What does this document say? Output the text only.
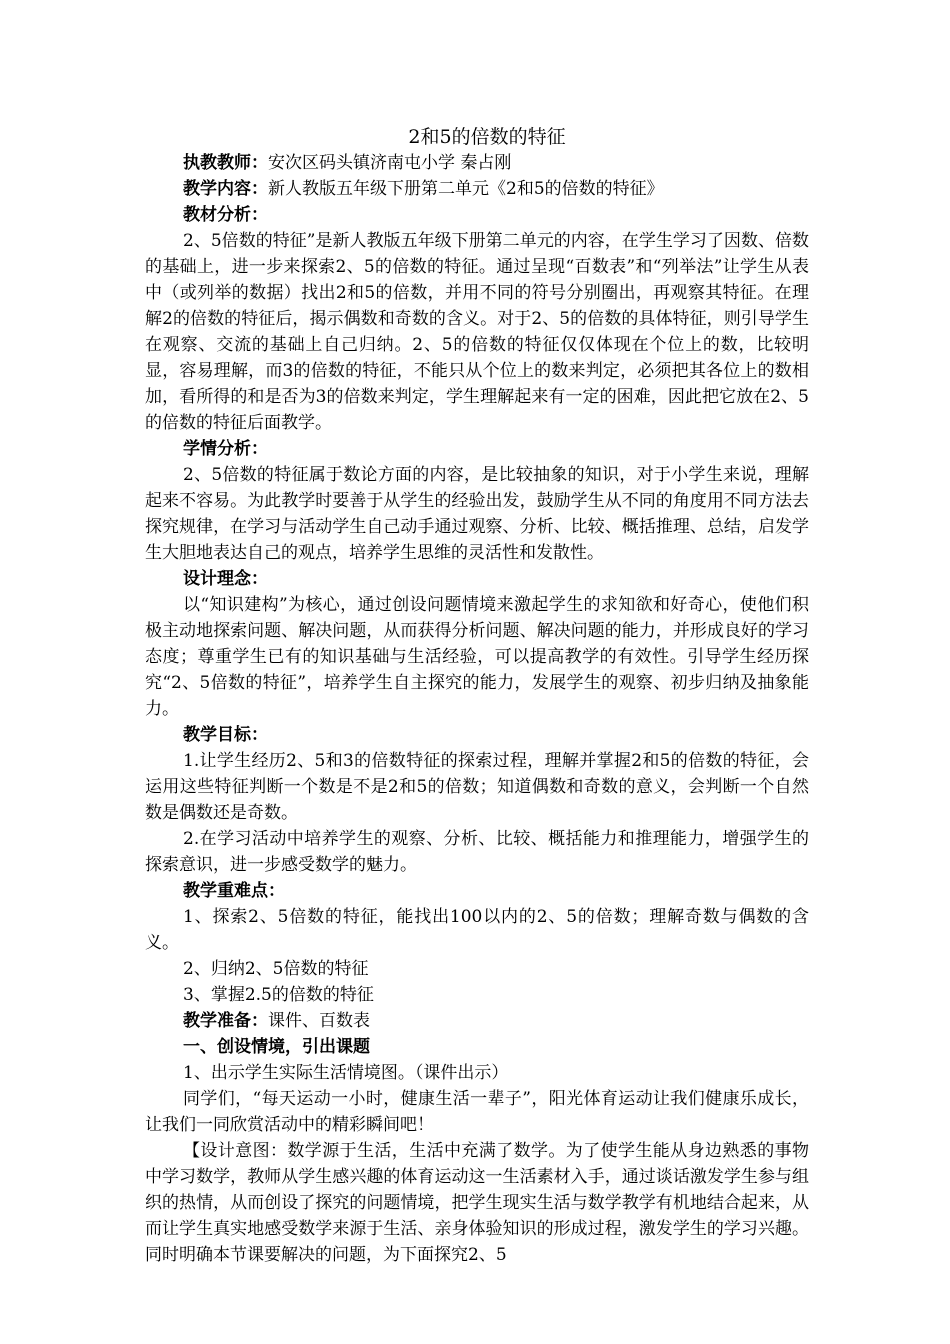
2和5的倍数的特征
执教教师：安次区码头镇济南屯小学 秦占刚
教学内容：新人教版五年级下册第二单元《2和5的倍数的特征》
教材分析：

2、5倍数的特征”是新人教版五年级下册第二单元的内容，在学生学习了因数、倍数的基础上，进一步来探索2、5的倍数的特征。通过呈现“百数表”和“列举法”让学生从表中（或列举的数据）找出2和5的倍数，并用不同的符号分别圈出，再观察其特征。在理解2的倍数的特征后，揭示偶数和奇数的含义。对于2、5的倍数的具体特征，则引导学生在观察、交流的基础上自己归纳。2、5的倍数的特征仅仅体现在个位上的数，比较明显，容易理解，而3的倍数的特征，不能只从个位上的数来判定，必须把其各位上的数相加，看所得的和是否为3的倍数来判定，学生理解起来有一定的困难，因此把它放在2、5的倍数的特征后面教学。

学情分析：

2、5倍数的特征属于数论方面的内容，是比较抽象的知识，对于小学生来说，理解起来不容易。为此教学时要善于从学生的经验出发，鼓励学生从不同的角度用不同方法去探究规律，在学习与活动学生自己动手通过观察、分析、比较、概括推理、总结，启发学生大胆地表达自己的观点，培养学生思维的灵活性和发散性。

设计理念：

以“知识建构”为核心，通过创设问题情境来激起学生的求知欲和好奇心，使他们积极主动地探索问题、解决问题，从而获得分析问题、解决问题的能力，并形成良好的学习态度；尊重学生已有的知识基础与生活经验，可以提高教学的有效性。引导学生经历探究“2、5倍数的特征”，培养学生自主探究的能力，发展学生的观察、初步归纳及抽象能力。

教学目标：

1.让学生经历2、5和3的倍数特征的探索过程，理解并掌握2和5的倍数的特征，会运用这些特征判断一个数是不是2和5的倍数；知道偶数和奇数的意义，会判断一个自然数是偶数还是奇数。

2.在学习活动中培养学生的观察、分析、比较、概括能力和推理能力，增强学生的探索意识，进一步感受数学的魅力。

教学重难点：

1、探索2、5倍数的特征，能找出100以内的2、5的倍数；理解奇数与偶数的含义。

2、归纳2、5倍数的特征
3、掌握2.5的倍数的特征
教学准备：课件、百数表
一、创设情境，引出课题
1、出示学生实际生活情境图。（课件出示）

同学们，“每天运动一小时，健康生活一辈子”，阳光体育运动让我们健康乐成长，让我们一同欣赏活动中的精彩瞬间吧！

【设计意图：数学源于生活，生活中充满了数学。为了使学生能从身边熟悉的事物中学习数学，教师从学生感兴趣的体育运动这一生活素材入手，通过谈话激发学生参与组织的热情，从而创设了探究的问题情境，把学生现实生活与数学教学有机地结合起来，从而让学生真实地感受数学来源于生活、亲身体验知识的形成过程，激发学生的学习兴趣。同时明确本节课要解决的问题，为下面探究2、5
